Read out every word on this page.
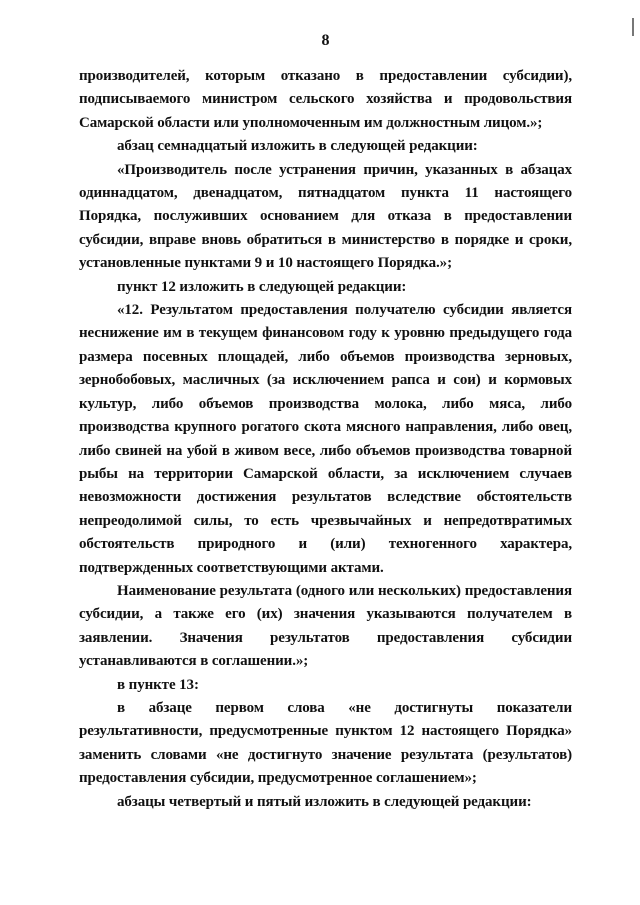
8

производителей, которым отказано в предоставлении субсидии), подписываемого министром сельского хозяйства и продовольствия Самарской области или уполномоченным им должностным лицом.»;

абзац семнадцатый изложить в следующей редакции:

«Производитель после устранения причин, указанных в абзацах одиннадцатом, двенадцатом, пятнадцатом пункта 11 настоящего Порядка, послуживших основанием для отказа в предоставлении субсидии, вправе вновь обратиться в министерство в порядке и сроки, установленные пунктами 9 и 10 настоящего Порядка.»;

пункт 12 изложить в следующей редакции:

«12. Результатом предоставления получателю субсидии является неснижение им в текущем финансовом году к уровню предыдущего года размера посевных площадей, либо объемов производства зерновых, зернобобовых, масличных (за исключением рапса и сои) и кормовых культур, либо объемов производства молока, либо мяса, либо производства крупного рогатого скота мясного направления, либо овец, либо свиней на убой в живом весе, либо объемов производства товарной рыбы на территории Самарской области, за исключением случаев невозможности достижения результатов вследствие обстоятельств непреодолимой силы, то есть чрезвычайных и непредотвратимых обстоятельств природного и (или) техногенного характера, подтвержденных соответствующими актами.

Наименование результата (одного или нескольких) предоставления субсидии, а также его (их) значения указываются получателем в заявлении. Значения результатов предоставления субсидии устанавливаются в соглашении.»;

в пункте 13:

в абзаце первом слова «не достигнуты показатели результативности, предусмотренные пунктом 12 настоящего Порядка» заменить словами «не достигнуто значение результата (результатов) предоставления субсидии, предусмотренное соглашением»;

абзацы четвертый и пятый изложить в следующей редакции:
